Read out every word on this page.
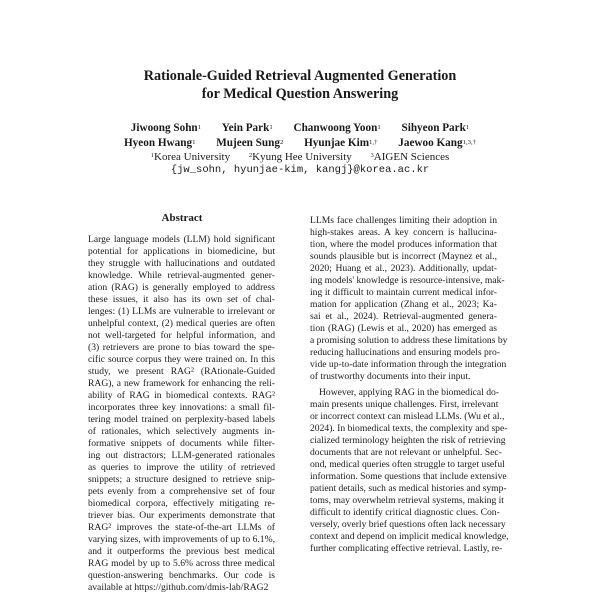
Rationale-Guided Retrieval Augmented Generation
for Medical Question Answering
Jiwoong Sohn$^1$ Yein Park$^1$ Chanwoong Yoon$^1$ Sihyeon Park$^1$
Hyeon Hwang$^1$ Mujeen Sung$^2$ Hyunjae Kim$^{1,\dagger}$ Jaewoo Kang$^{1,3,\dagger}$
$^1$Korea University	$^2$Kyung Hee University	$^3$AIGEN Sciences
{jw_sohn, hyunjae-kim, kangj}@korea.ac.kr
Abstract
Large language models (LLM) hold significant
potential for applications in biomedicine, but
they struggle with hallucinations and outdated
knowledge. While retrieval-augmented gener-
ation (RAG) is generally employed to address
these issues, it also has its own set of chal-
lenges: (1) LLMs are vulnerable to irrelevant or
unhelpful context, (2) medical queries are often
not well-targeted for helpful information, and
(3) retrievers are prone to bias toward the spe-
cific source corpus they were trained on. In this
study, we present RAG² (RAtionale-Guided
RAG), a new framework for enhancing the reli-
ability of RAG in biomedical contexts. RAG²
incorporates three key innovations: a small fil-
tering model trained on perplexity-based labels
of rationales, which selectively augments in-
formative snippets of documents while filter-
ing out distractors; LLM-generated rationales
as queries to improve the utility of retrieved
snippets; a structure designed to retrieve snip-
pets evenly from a comprehensive set of four
biomedical corpora, effectively mitigating re-
triever bias. Our experiments demonstrate that
RAG² improves the state-of-the-art LLMs of
varying sizes, with improvements of up to 6.1%,
and it outperforms the previous best medical
RAG model by up to 5.6% across three medical
question-answering benchmarks. Our code is
available at https://github.com/dmis-lab/RAG2
LLMs face challenges limiting their adoption in
high-stakes areas. A key concern is hallucina-
tion, where the model produces information that
sounds plausible but is incorrect (Maynez et al.,
2020; Huang et al., 2023). Additionally, updat-
ing models' knowledge is resource-intensive, mak-
ing it difficult to maintain current medical infor-
mation for application (Zhang et al., 2023; Ka-
sai et al., 2024). Retrieval-augmented genera-
tion (RAG) (Lewis et al., 2020) has emerged as
a promising solution to address these limitations by
reducing hallucinations and ensuring models pro-
vide up-to-date information through the integration
of trustworthy documents into their input.
However, applying RAG in the biomedical do-
main presents unique challenges. First, irrelevant
or incorrect context can mislead LLMs. (Wu et al.,
2024). In biomedical texts, the complexity and spe-
cialized terminology heighten the risk of retrieving
documents that are not relevant or unhelpful. Sec-
ond, medical queries often struggle to target useful
information. Some questions that include extensive
patient details, such as medical histories and symp-
toms, may overwhelm retrieval systems, making it
difficult to identify critical diagnostic clues. Con-
versely, overly brief questions often lack necessary
context and depend on implicit medical knowledge,
further complicating effective retrieval. Lastly, re-
